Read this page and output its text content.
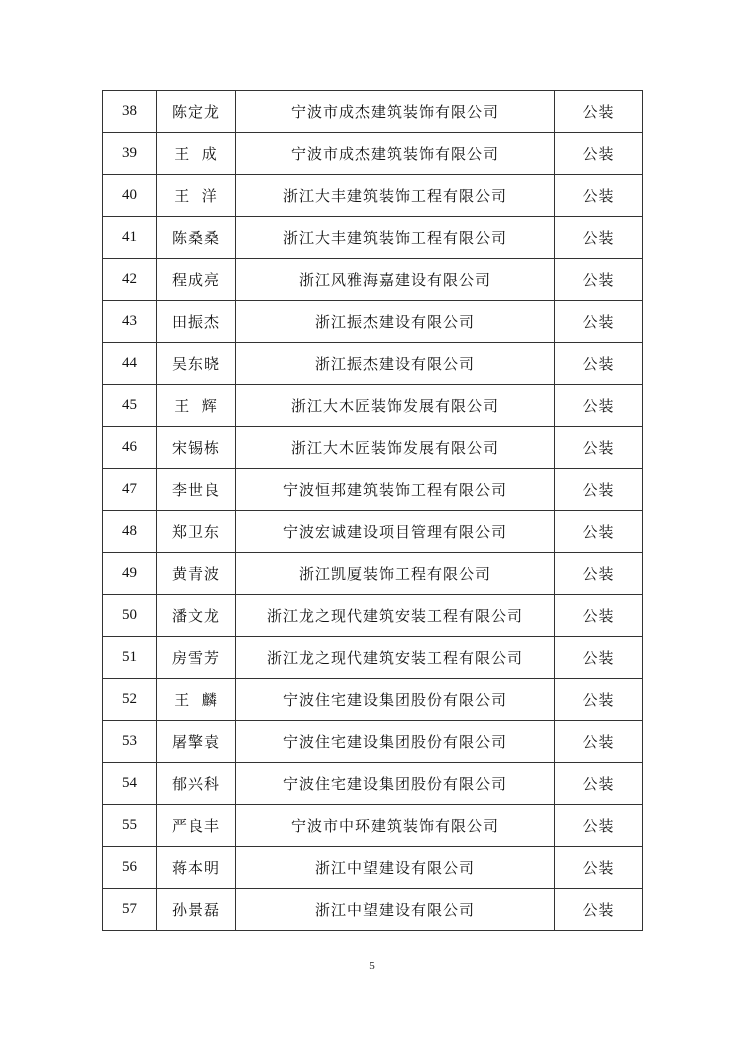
38	陈定龙	宁波市成杰建筑装饰有限公司	公装
39	王  成	宁波市成杰建筑装饰有限公司	公装
40	王  洋	浙江大丰建筑装饰工程有限公司	公装
41	陈桑桑	浙江大丰建筑装饰工程有限公司	公装
42	程成亮	浙江风雅海嘉建设有限公司	公装
43	田振杰	浙江振杰建设有限公司	公装
44	吴东晓	浙江振杰建设有限公司	公装
45	王  辉	浙江大木匠装饰发展有限公司	公装
46	宋锡栋	浙江大木匠装饰发展有限公司	公装
47	李世良	宁波恒邦建筑装饰工程有限公司	公装
48	郑卫东	宁波宏诚建设项目管理有限公司	公装
49	黄青波	浙江凯厦装饰工程有限公司	公装
50	潘文龙	浙江龙之现代建筑安装工程有限公司	公装
51	房雪芳	浙江龙之现代建筑安装工程有限公司	公装
52	王  麟	宁波住宅建设集团股份有限公司	公装
53	屠擎袁	宁波住宅建设集团股份有限公司	公装
54	郁兴科	宁波住宅建设集团股份有限公司	公装
55	严良丰	宁波市中环建筑装饰有限公司	公装
56	蒋本明	浙江中望建设有限公司	公装
57	孙景磊	浙江中望建设有限公司	公装
5
